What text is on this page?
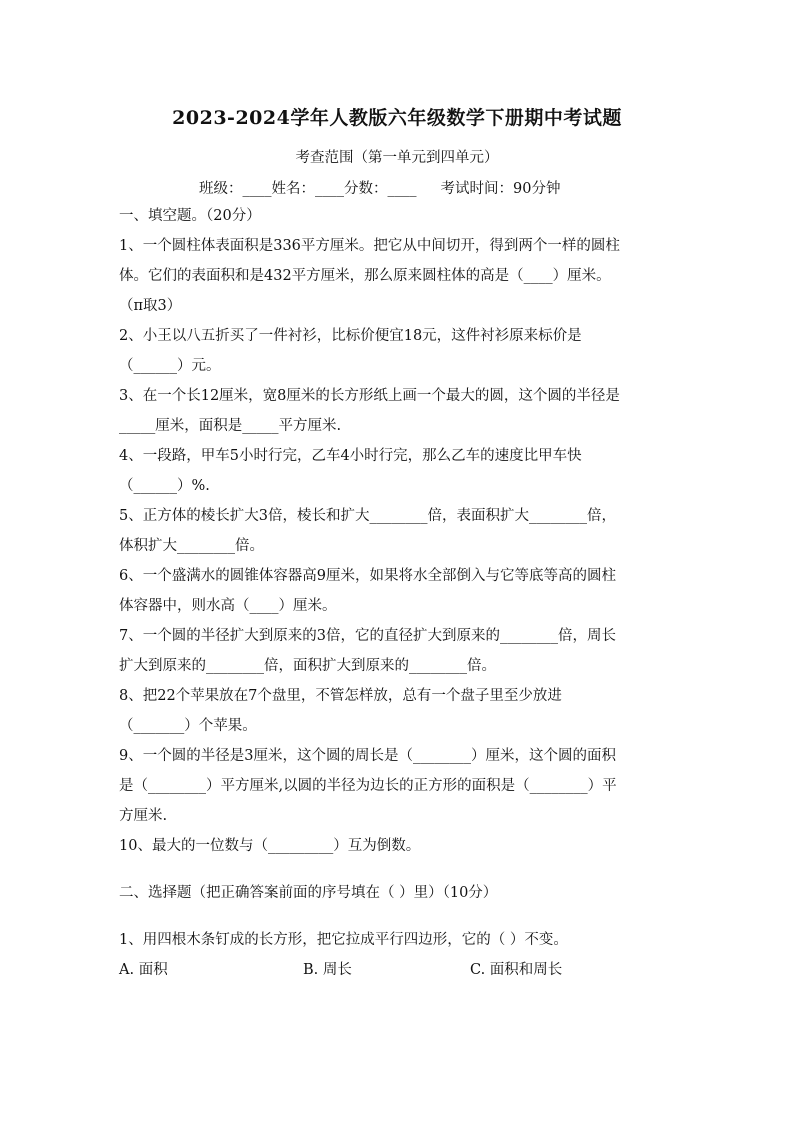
2023-2024学年人教版六年级数学下册期中考试题
考查范围（第一单元到四单元）
班级：____姓名：____分数：____ 考试时间：90分钟
一、填空题。（20分）
1、一个圆柱体表面积是336平方厘米。把它从中间切开，得到两个一样的圆柱
体。它们的表面积和是432平方厘米，那么原来圆柱体的高是（____）厘米。
（π取3）
2、小王以八五折买了一件衬衫，比标价便宜18元，这件衬衫原来标价是
（______）元。
3、在一个长12厘米，宽8厘米的长方形纸上画一个最大的圆，这个圆的半径是
_____厘米，面积是_____平方厘米.
4、一段路，甲车5小时行完，乙车4小时行完，那么乙车的速度比甲车快
（______）%.
5、正方体的棱长扩大3倍，棱长和扩大________倍，表面积扩大________倍，
体积扩大________倍。
6、一个盛满水的圆锥体容器高9厘米，如果将水全部倒入与它等底等高的圆柱
体容器中，则水高（____）厘米。
7、一个圆的半径扩大到原来的3倍，它的直径扩大到原来的________倍，周长
扩大到原来的________倍，面积扩大到原来的________倍。
8、把22个苹果放在7个盘里，不管怎样放，总有一个盘子里至少放进
（_______）个苹果。
9、一个圆的半径是3厘米，这个圆的周长是（________）厘米，这个圆的面积
是（________）平方厘米,以圆的半径为边长的正方形的面积是（________）平
方厘米.
10、最大的一位数与（_________）互为倒数。
二、选择题（把正确答案前面的序号填在（ ）里）（10分）
1、用四根木条钉成的长方形，把它拉成平行四边形，它的（ ）不变。
A. 面积	B. 周长	C. 面积和周长
